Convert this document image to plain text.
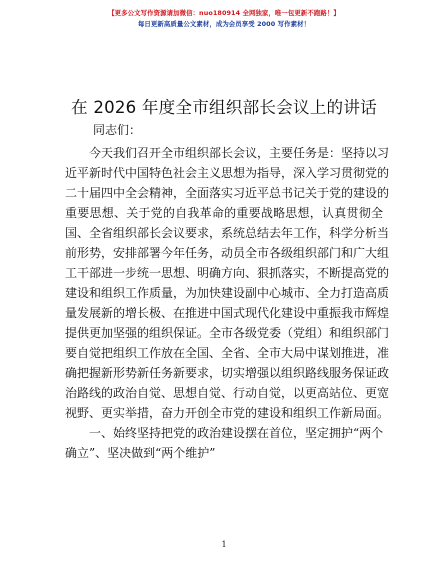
【更多公文写作资源请加微信：nuo180914 全网独家，唯一包更新不跑路！】
每日更新高质量公文素材，成为会员享受 2000 写作素材！
在 2026 年度全市组织部长会议上的讲话
同志们：
今天我们召开全市组织部长会议，主要任务是：坚持以习
近平新时代中国特色社会主义思想为指导，深入学习贯彻党的
二十届四中全会精神，全面落实习近平总书记关于党的建设的
重要思想、关于党的自我革命的重要战略思想，认真贯彻全
国、全省组织部长会议要求，系统总结去年工作，科学分析当
前形势，安排部署今年任务，动员全市各级组织部门和广大组
工干部进一步统一思想、明确方向、狠抓落实，不断提高党的
建设和组织工作质量，为加快建设副中心城市、全力打造高质
量发展新的增长极、在推进中国式现代化建设中重振我市辉煌
提供更加坚强的组织保证。全市各级党委（党组）和组织部门
要自觉把组织工作放在全国、全省、全市大局中谋划推进，准
确把握新形势新任务新要求，切实增强以组织路线服务保证政
治路线的政治自觉、思想自觉、行动自觉，以更高站位、更宽
视野、更实举措，奋力开创全市党的建设和组织工作新局面。
一、始终坚持把党的政治建设摆在首位，坚定拥护“两个
确立”、坚决做到“两个维护”
1
